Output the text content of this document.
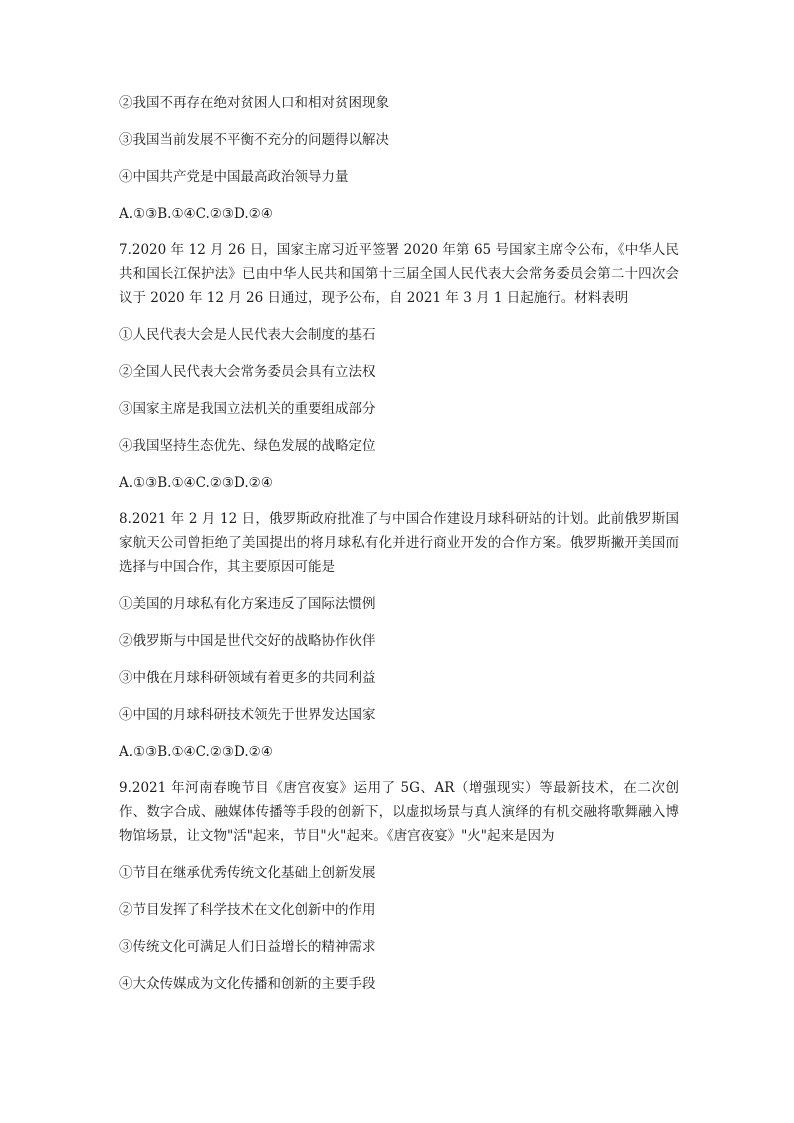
②我国不再存在绝对贫困人口和相对贫困现象
③我国当前发展不平衡不充分的问题得以解决
④中国共产党是中国最高政治领导力量
A.①③B.①④C.②③D.②④
7.2020 年 12 月 26 日，国家主席习近平签署 2020 年第 65 号国家主席令公布，《中华人民共和国长江保护法》已由中华人民共和国第十三届全国人民代表大会常务委员会第二十四次会议于 2020 年 12 月 26 日通过，现予公布，自 2021 年 3 月 1 日起施行。材料表明
①人民代表大会是人民代表大会制度的基石
②全国人民代表大会常务委员会具有立法权
③国家主席是我国立法机关的重要组成部分
④我国坚持生态优先、绿色发展的战略定位
A.①③B.①④C.②③D.②④
8.2021 年 2 月 12 日，俄罗斯政府批准了与中国合作建设月球科研站的计划。此前俄罗斯国家航天公司曾拒绝了美国提出的将月球私有化并进行商业开发的合作方案。俄罗斯撇开美国而选择与中国合作，其主要原因可能是
①美国的月球私有化方案违反了国际法惯例
②俄罗斯与中国是世代交好的战略协作伙伴
③中俄在月球科研领域有着更多的共同利益
④中国的月球科研技术领先于世界发达国家
A.①③B.①④C.②③D.②④
9.2021 年河南春晚节目《唐宫夜宴》运用了 5G、AR（增强现实）等最新技术，在二次创作、数字合成、融媒体传播等手段的创新下，以虚拟场景与真人演绎的有机交融将歌舞融入博物馆场景，让文物"活"起来，节目"火"起来。《唐宫夜宴》"火"起来是因为
①节目在继承优秀传统文化基础上创新发展
②节目发挥了科学技术在文化创新中的作用
③传统文化可满足人们日益增长的精神需求
④大众传媒成为文化传播和创新的主要手段
